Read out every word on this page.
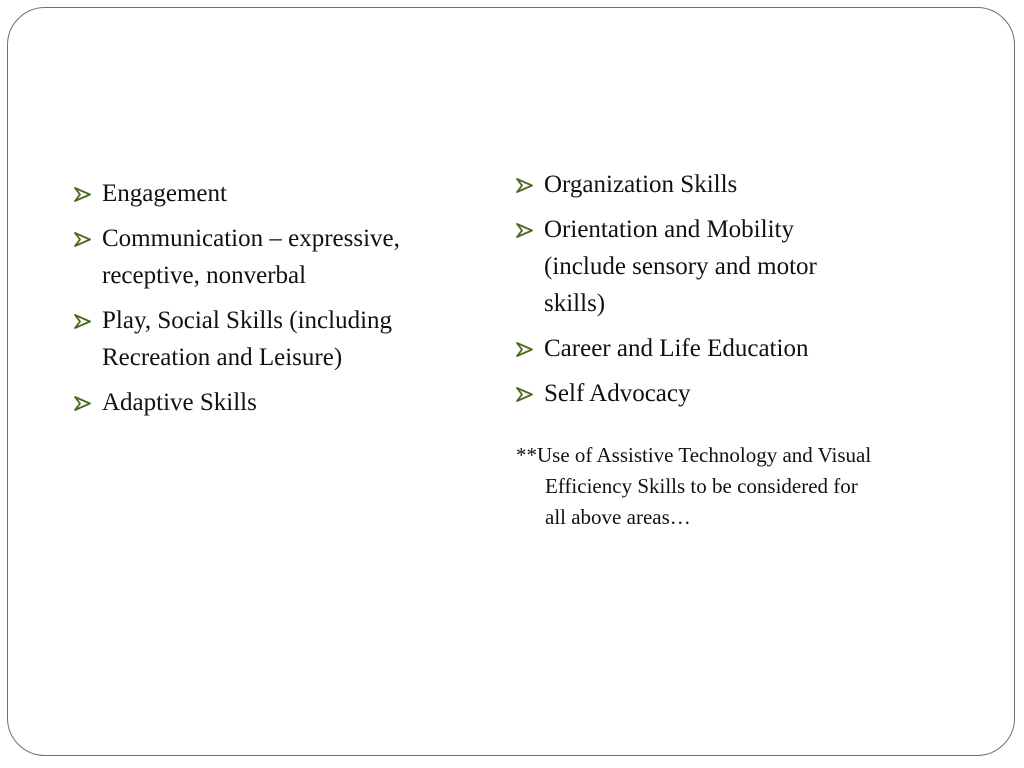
Engagement
Communication – expressive,
receptive, nonverbal
Play, Social Skills (including
Recreation and Leisure)
Adaptive Skills
Organization Skills
Orientation and Mobility
(include sensory and motor
skills)
Career and Life Education
Self Advocacy
**Use of Assistive Technology and Visual
Efficiency Skills to be considered for
all above areas…
